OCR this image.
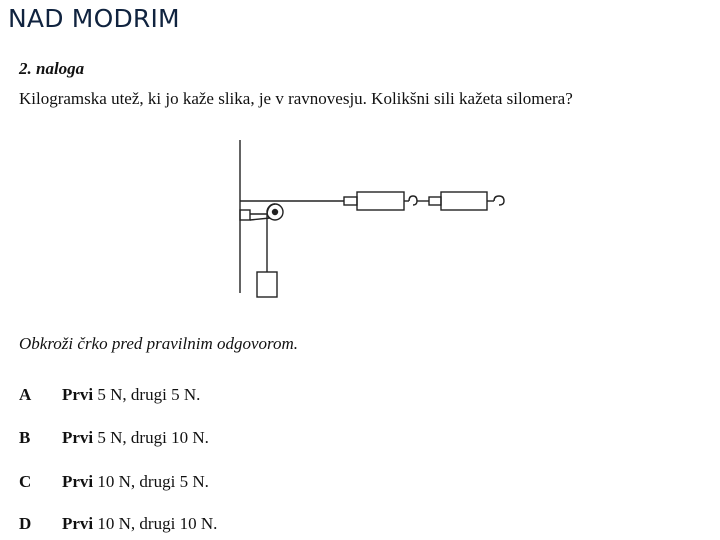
NAD MODRIM
2. naloga
Kilogramska utež, ki jo kaže slika, je v ravnovesju. Kolikšni sili kažeta silomera?
Obkroži črko pred pravilnim odgovorom.
A Prvi 5 N, drugi 5 N.
B Prvi 5 N, drugi 10 N.
C Prvi 10 N, drugi 5 N.
D Prvi 10 N, drugi 10 N.
